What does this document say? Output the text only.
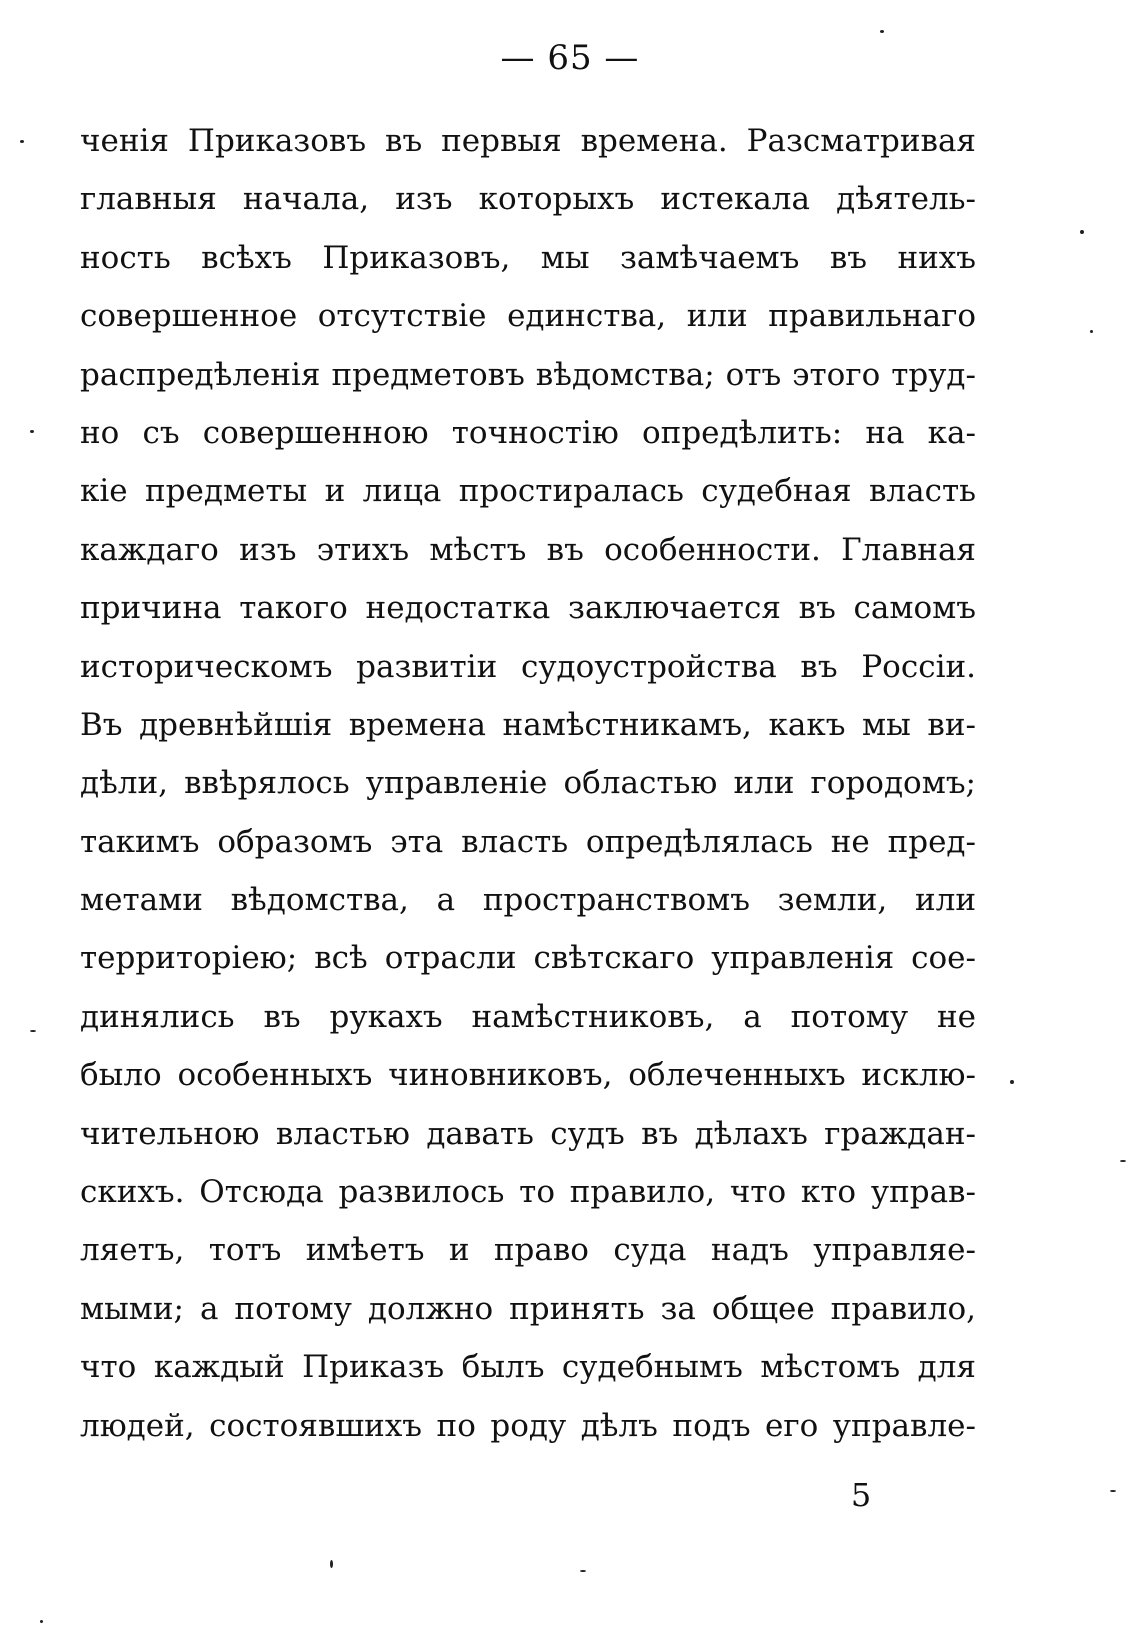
— 65 —
ченія Приказовъ въ первыя времена. Разсматривая
главныя начала, изъ которыхъ истекала дѣятель-
ность всѣхъ Приказовъ, мы замѣчаемъ въ нихъ
совершенное отсутствіе единства, или правильнаго
распредѣленія предметовъ вѣдомства; отъ этого труд-
но съ совершенною точностію опредѣлить: на ка-
кіе предметы и лица простиралась судебная власть
каждаго изъ этихъ мѣстъ въ особенности. Главная
причина такого недостатка заключается въ самомъ
историческомъ развитіи судоустройства въ Россіи.
Въ древнѣйшія времена намѣстникамъ, какъ мы ви-
дѣли, ввѣрялось управленіе областью или городомъ;
такимъ образомъ эта власть опредѣлялась не пред-
метами вѣдомства, а пространствомъ земли, или
территоріею; всѣ отрасли свѣтскаго управленія сое-
динялись въ рукахъ намѣстниковъ, а потому не
было особенныхъ чиновниковъ, облеченныхъ исклю-
чительною властью давать судъ въ дѣлахъ граждан-
скихъ. Отсюда развилось то правило, что кто управ-
ляетъ, тотъ имѣетъ и право суда надъ управляе-
мыми; а потому должно принять за общее правило,
что каждый Приказъ былъ судебнымъ мѣстомъ для
людей, состоявшихъ по роду дѣлъ подъ его управле-
5
